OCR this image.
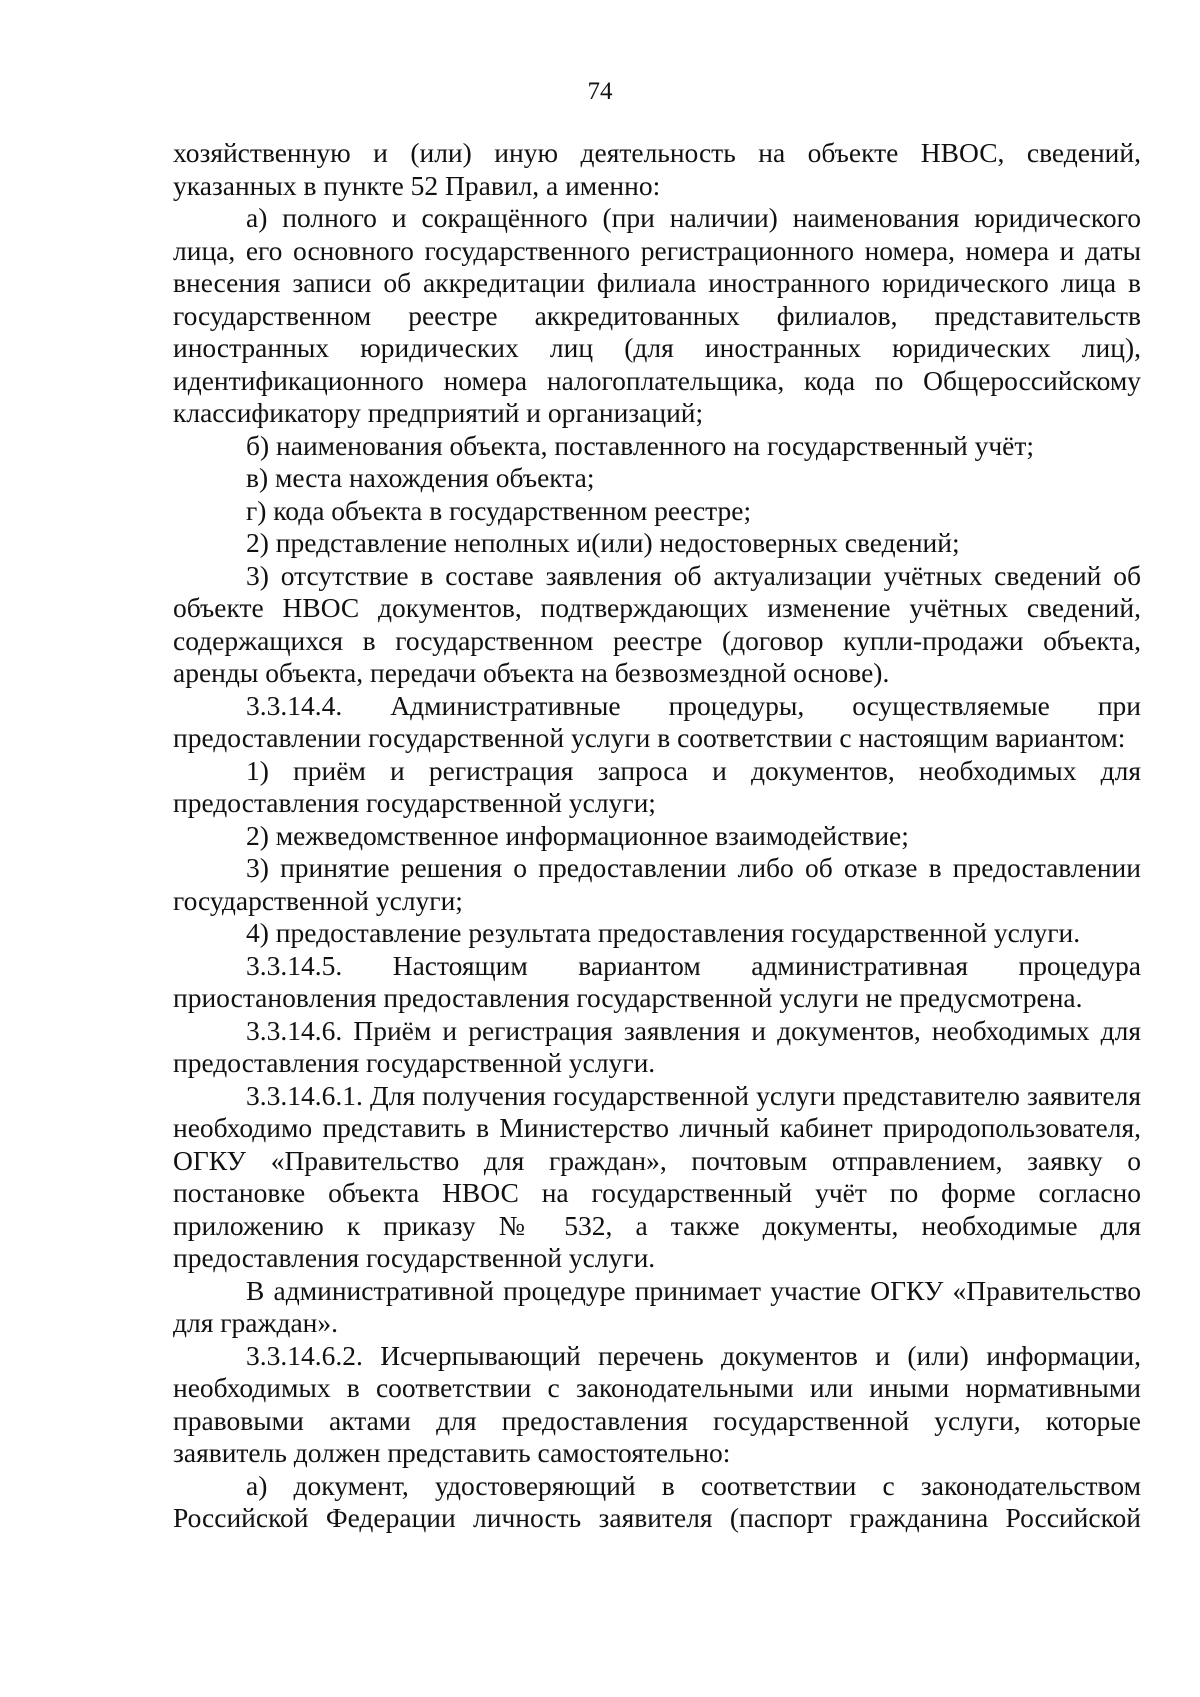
74

хозяйственную и (или) иную деятельность на объекте НВОС, сведений, указанных в пункте 52 Правил, а именно:

а) полного и сокращённого (при наличии) наименования юридического лица, его основного государственного регистрационного номера, номера и даты внесения записи об аккредитации филиала иностранного юридического лица в государственном реестре аккредитованных филиалов, представительств иностранных юридических лиц (для иностранных юридических лиц), идентификационного номера налогоплательщика, кода по Общероссийскому классификатору предприятий и организаций;

б) наименования объекта, поставленного на государственный учёт;

в) места нахождения объекта;

г) кода объекта в государственном реестре;

2) представление неполных и(или) недостоверных сведений;

3) отсутствие в составе заявления об актуализации учётных сведений об объекте НВОС документов, подтверждающих изменение учётных сведений, содержащихся в государственном реестре (договор купли-продажи объекта, аренды объекта, передачи объекта на безвозмездной основе).

3.3.14.4. Административные процедуры, осуществляемые при предоставлении государственной услуги в соответствии с настоящим вариантом:

1) приём и регистрация запроса и документов, необходимых для предоставления государственной услуги;

2) межведомственное информационное взаимодействие;

3) принятие решения о предоставлении либо об отказе в предоставлении государственной услуги;

4) предоставление результата предоставления государственной услуги.

3.3.14.5. Настоящим вариантом административная процедура приостановления предоставления государственной услуги не предусмотрена.

3.3.14.6. Приём и регистрация заявления и документов, необходимых для предоставления государственной услуги.

3.3.14.6.1. Для получения государственной услуги представителю заявителя необходимо представить в Министерство личный кабинет природопользователя, ОГКУ «Правительство для граждан», почтовым отправлением, заявку о постановке объекта НВОС на государственный учёт по форме согласно приложению к приказу № 532, а также документы, необходимые для предоставления государственной услуги.

В административной процедуре принимает участие ОГКУ «Правительство для граждан».

3.3.14.6.2. Исчерпывающий перечень документов и (или) информации, необходимых в соответствии с законодательными или иными нормативными правовыми актами для предоставления государственной услуги, которые заявитель должен представить самостоятельно:

а) документ, удостоверяющий в соответствии с законодательством Российской Федерации личность заявителя (паспорт гражданина Российской
